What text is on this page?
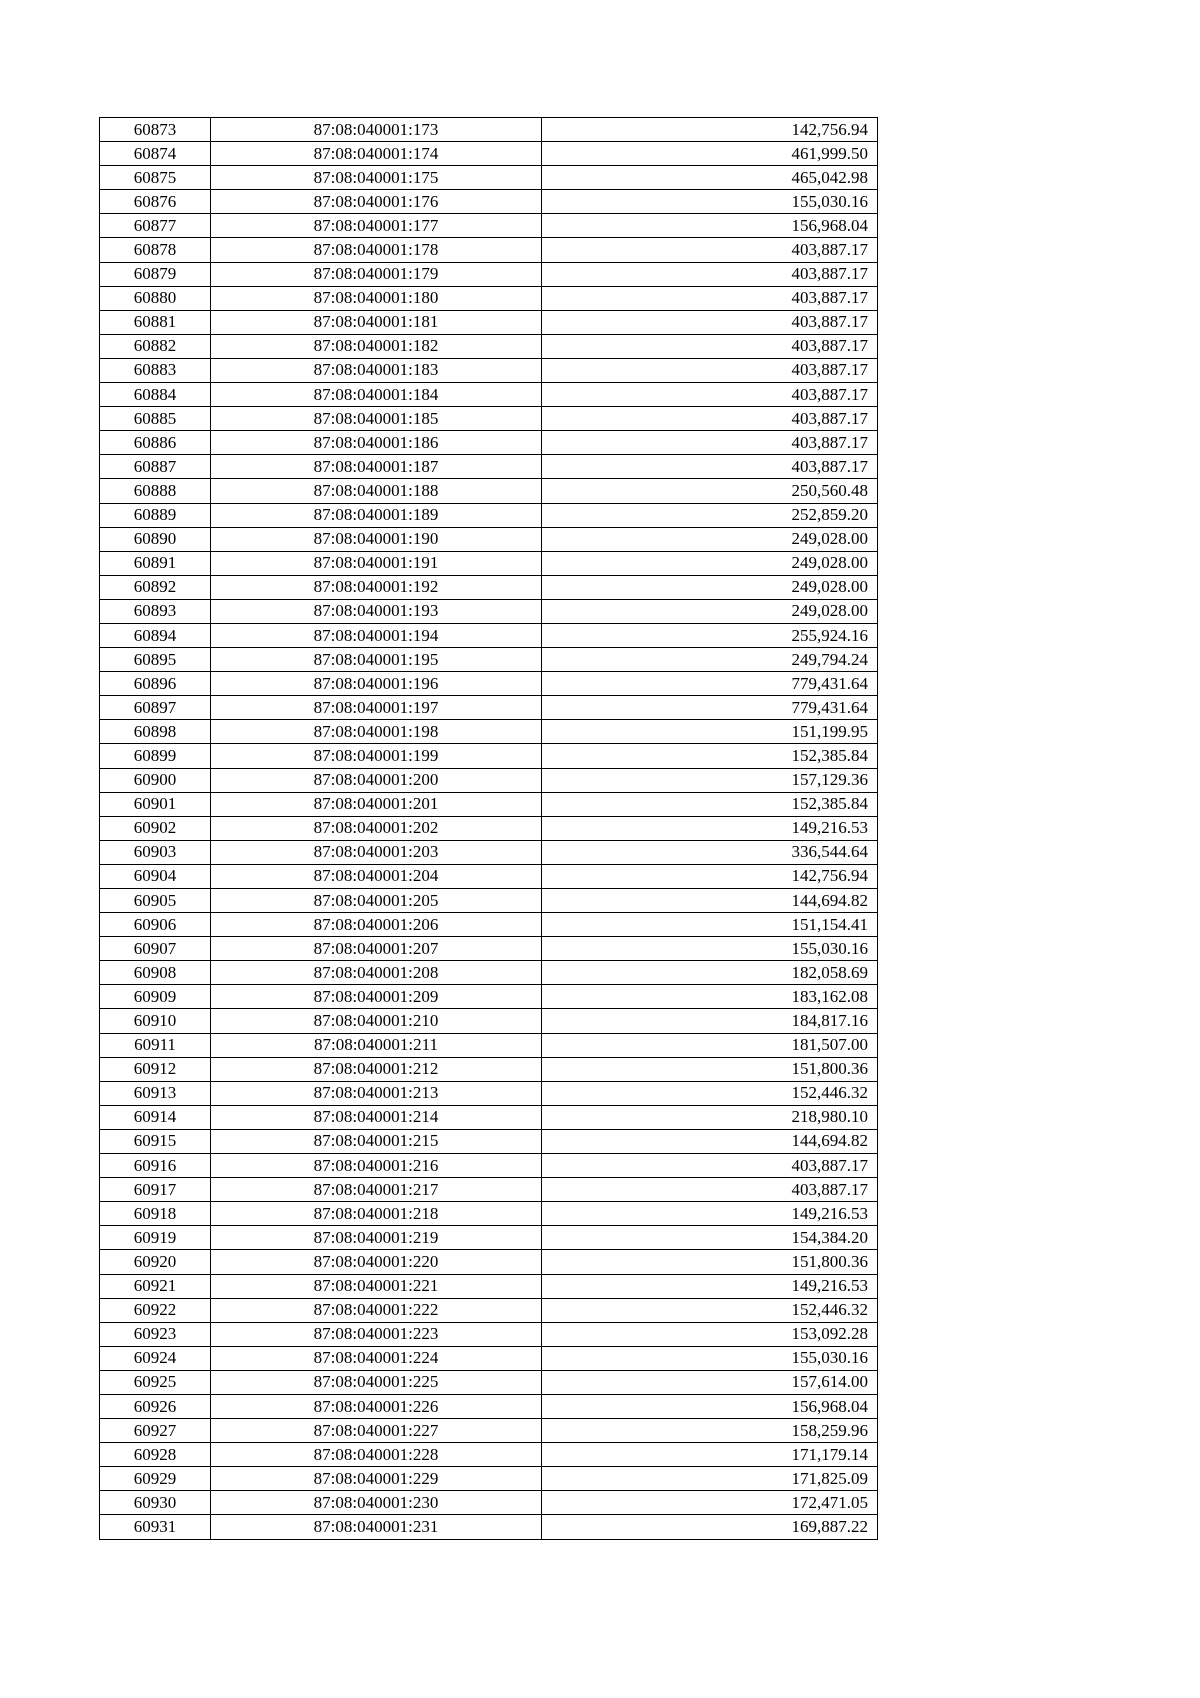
60873	87:08:040001:173	142,756.94
60874	87:08:040001:174	461,999.50
60875	87:08:040001:175	465,042.98
60876	87:08:040001:176	155,030.16
60877	87:08:040001:177	156,968.04
60878	87:08:040001:178	403,887.17
60879	87:08:040001:179	403,887.17
60880	87:08:040001:180	403,887.17
60881	87:08:040001:181	403,887.17
60882	87:08:040001:182	403,887.17
60883	87:08:040001:183	403,887.17
60884	87:08:040001:184	403,887.17
60885	87:08:040001:185	403,887.17
60886	87:08:040001:186	403,887.17
60887	87:08:040001:187	403,887.17
60888	87:08:040001:188	250,560.48
60889	87:08:040001:189	252,859.20
60890	87:08:040001:190	249,028.00
60891	87:08:040001:191	249,028.00
60892	87:08:040001:192	249,028.00
60893	87:08:040001:193	249,028.00
60894	87:08:040001:194	255,924.16
60895	87:08:040001:195	249,794.24
60896	87:08:040001:196	779,431.64
60897	87:08:040001:197	779,431.64
60898	87:08:040001:198	151,199.95
60899	87:08:040001:199	152,385.84
60900	87:08:040001:200	157,129.36
60901	87:08:040001:201	152,385.84
60902	87:08:040001:202	149,216.53
60903	87:08:040001:203	336,544.64
60904	87:08:040001:204	142,756.94
60905	87:08:040001:205	144,694.82
60906	87:08:040001:206	151,154.41
60907	87:08:040001:207	155,030.16
60908	87:08:040001:208	182,058.69
60909	87:08:040001:209	183,162.08
60910	87:08:040001:210	184,817.16
60911	87:08:040001:211	181,507.00
60912	87:08:040001:212	151,800.36
60913	87:08:040001:213	152,446.32
60914	87:08:040001:214	218,980.10
60915	87:08:040001:215	144,694.82
60916	87:08:040001:216	403,887.17
60917	87:08:040001:217	403,887.17
60918	87:08:040001:218	149,216.53
60919	87:08:040001:219	154,384.20
60920	87:08:040001:220	151,800.36
60921	87:08:040001:221	149,216.53
60922	87:08:040001:222	152,446.32
60923	87:08:040001:223	153,092.28
60924	87:08:040001:224	155,030.16
60925	87:08:040001:225	157,614.00
60926	87:08:040001:226	156,968.04
60927	87:08:040001:227	158,259.96
60928	87:08:040001:228	171,179.14
60929	87:08:040001:229	171,825.09
60930	87:08:040001:230	172,471.05
60931	87:08:040001:231	169,887.22
